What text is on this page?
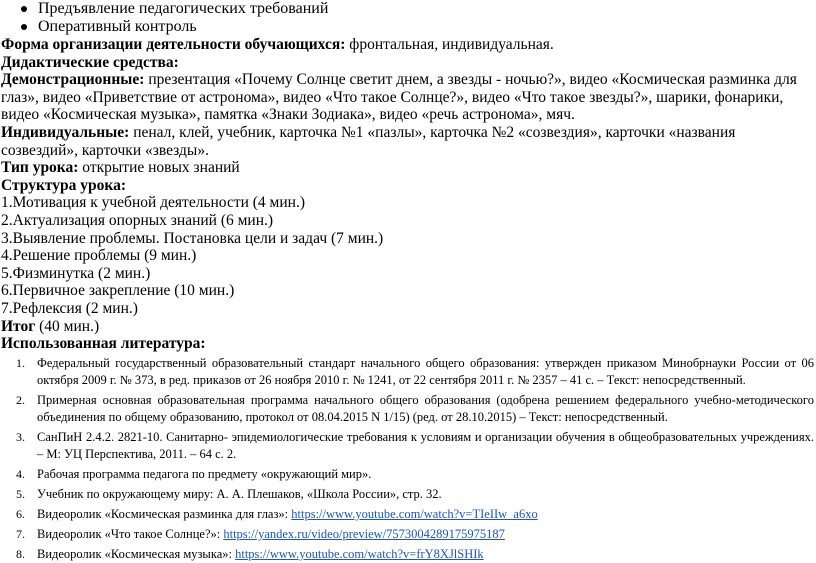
Предъявление педагогических требований
Оперативный контроль

Форма организации деятельности обучающихся: фронтальная, индивидуальная.

Дидактические средства:

Демонстрационные: презентация «Почему Солнце светит днем, а звезды - ночью?», видео «Космическая разминка для глаз», видео «Приветствие от астронома», видео «Что такое Солнце?», видео «Что такое звезды?», шарики, фонарики, видео «Космическая музыка», памятка «Знаки Зодиака», видео «речь астронома», мяч.

Индивидуальные: пенал, клей, учебник, карточка №1 «пазлы», карточка №2 «созвездия», карточки «названия созвездий», карточки «звезды».

Тип урока: открытие новых знаний

Структура урока:

1.Мотивация к учебной деятельности (4 мин.)

2.Актуализация опорных знаний (6 мин.)

3.Выявление проблемы. Постановка цели и задач (7 мин.)

4.Решение проблемы (9 мин.)

5.Физминутка (2 мин.)

6.Первичное закрепление (10 мин.)

7.Рефлексия (2 мин.)

Итог (40 мин.)

Использованная литература:

1. Федеральный государственный образовательный стандарт начального общего образования: утвержден приказом Минобрнауки России от 06 октября 2009 г. № 373, в ред. приказов от 26 ноября 2010 г. № 1241, от 22 сентября 2011 г. № 2357 – 41 с. – Текст: непосредственный.
2. Примерная основная образовательная программа начального общего образования (одобрена решением федерального учебно-методического объединения по общему образованию, протокол от 08.04.2015 N 1/15) (ред. от 28.10.2015) – Текст: непосредственный.
3. СанПиН 2.4.2. 2821-10. Санитарно- эпидемиологические требования к условиям и организации обучения в общеобразовательных учреждениях. – М: УЦ Перспектива, 2011. – 64 с. 2.
4. Рабочая программа педагога по предмету «окружающий мир».
5. Учебник по окружающему миру: А. А. Плешаков, «Школа России», стр. 32.
6. Видеоролик «Космическая разминка для глаз»: https://www.youtube.com/watch?v=TIeIIw_a6xo
7. Видеоролик «Что такое Солнце?»: https://yandex.ru/video/preview/7573004289175975187
8. Видеоролик «Космическая музыка»: https://www.youtube.com/watch?v=frY8XJlSHIk
